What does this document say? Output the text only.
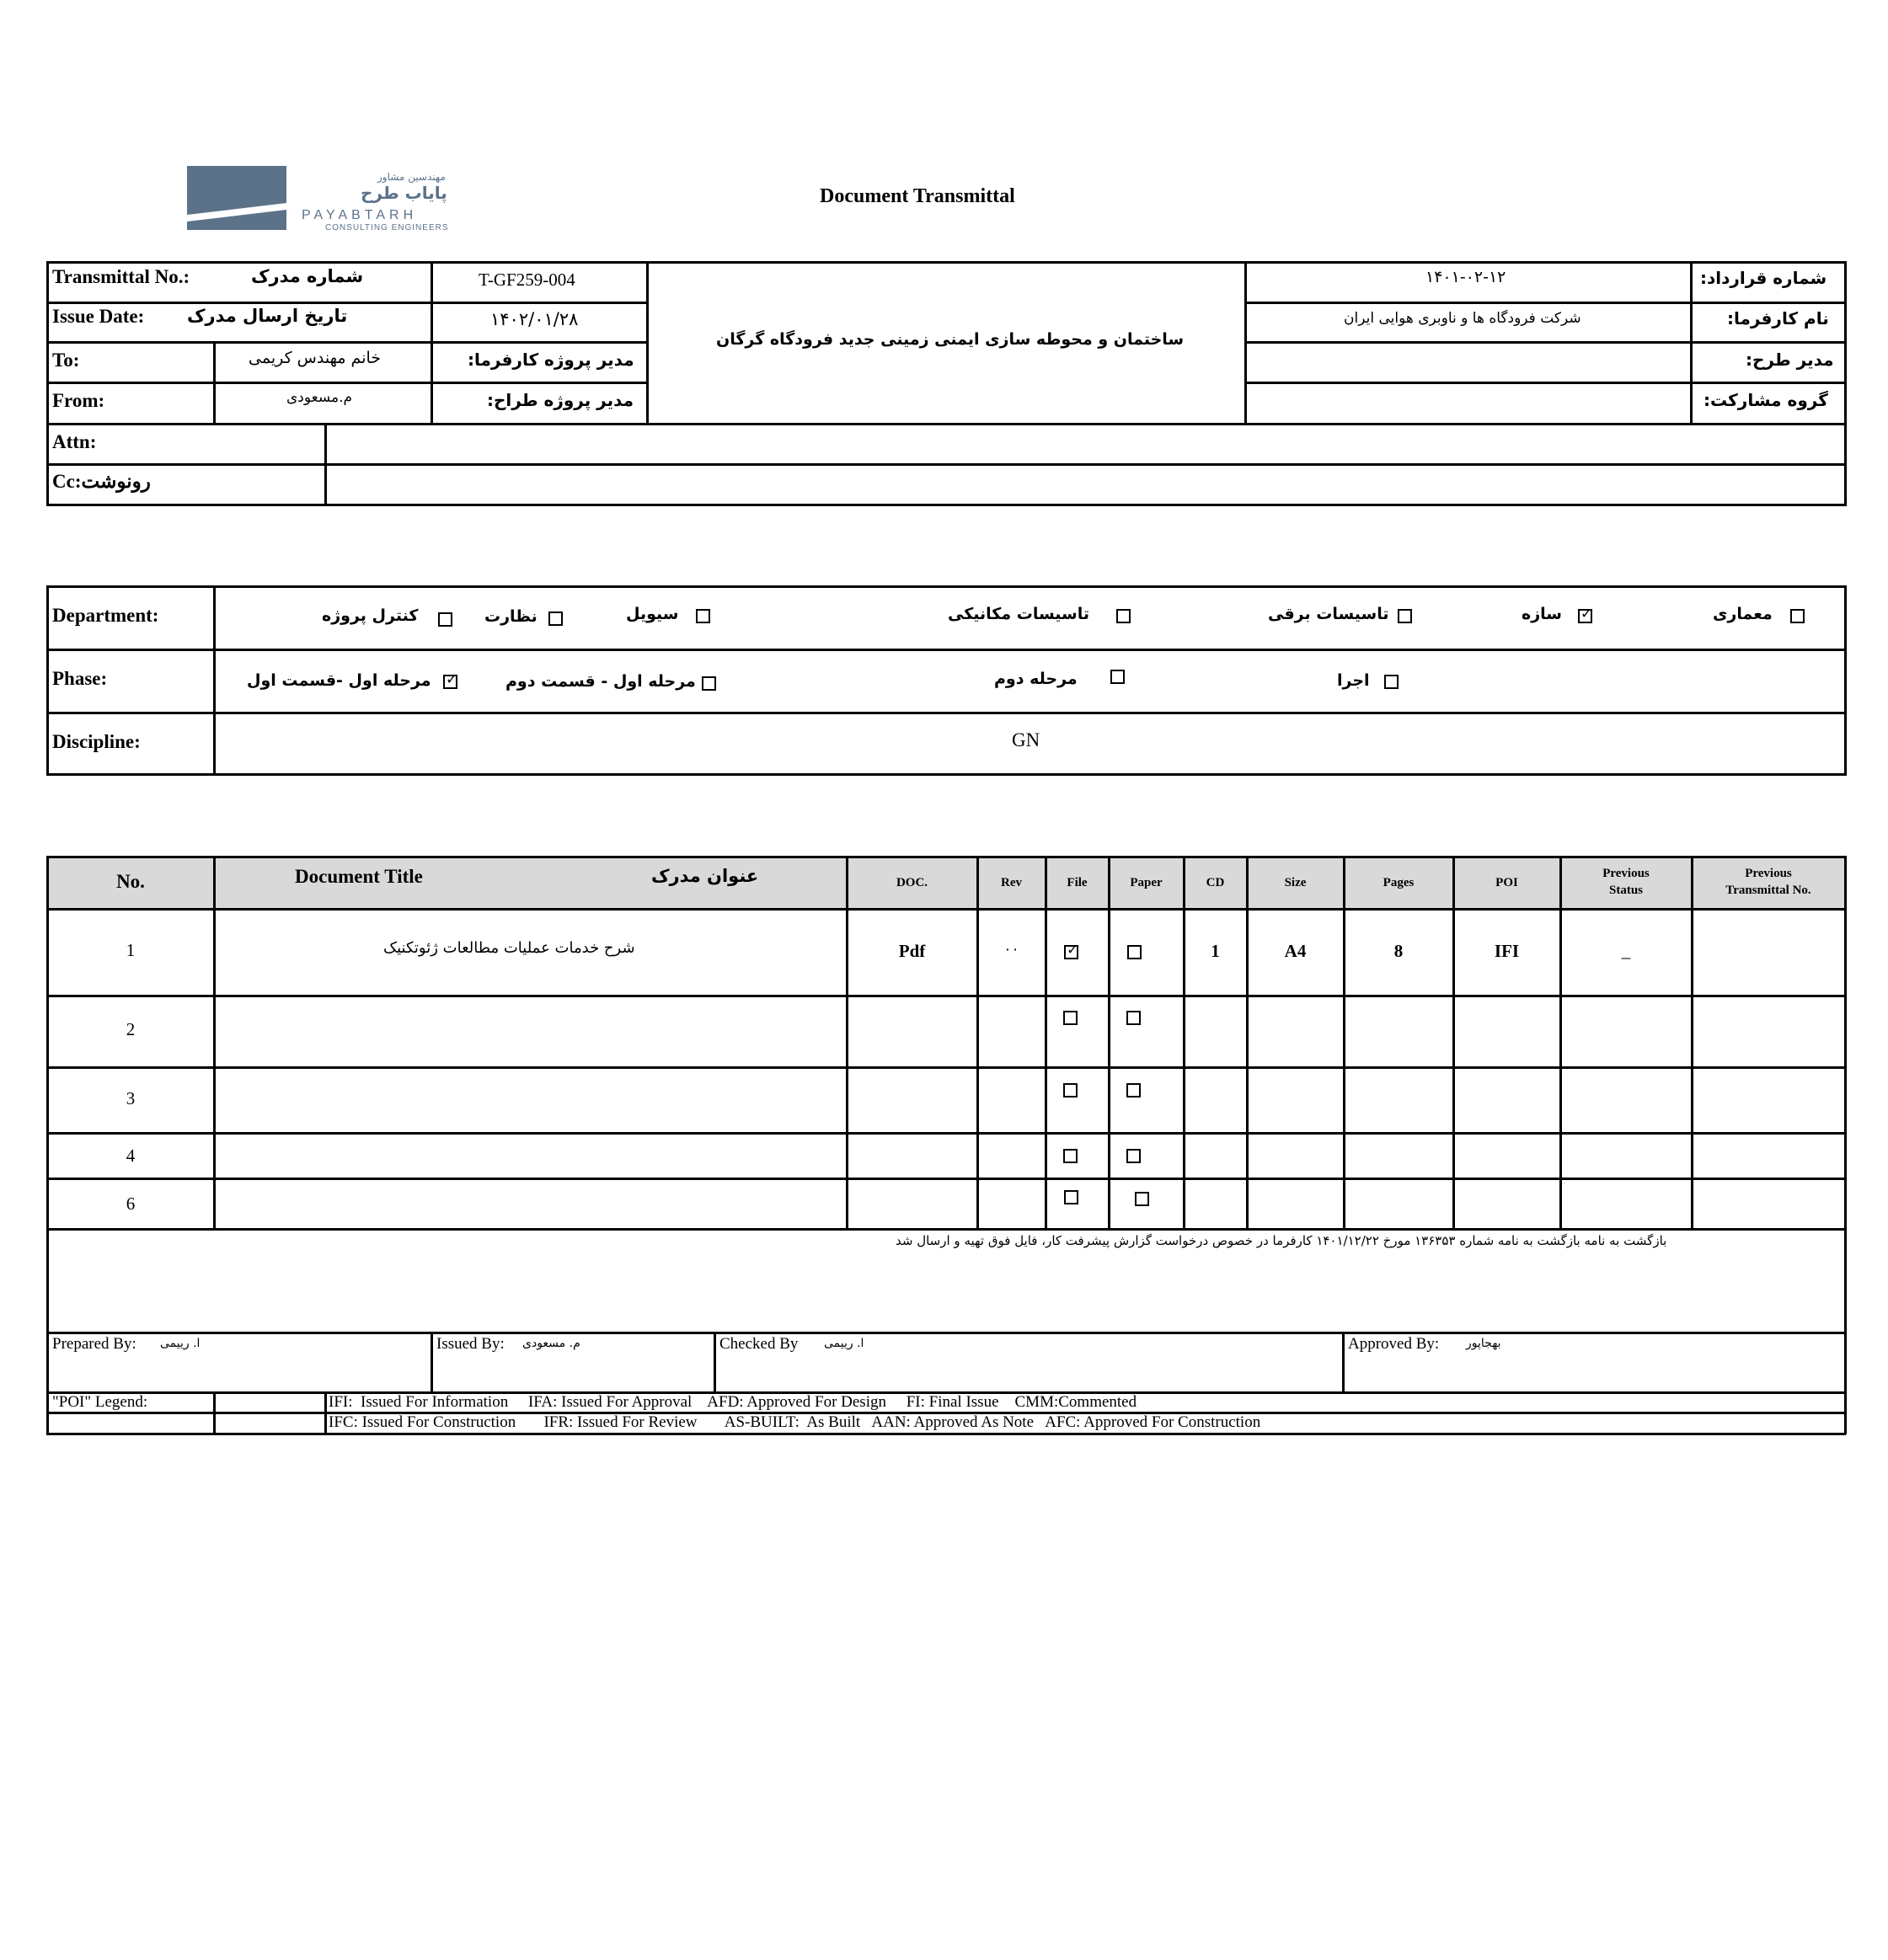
مهندسین مشاور
پایاب طرح
PAYABTARH
CONSULTING ENGINEERS
Document Transmittal
Transmittal No.:	شماره مدرک	T-GF259-004
Issue Date: تاریخ ارسال مدرک	۱۴۰۲/۰۱/۲۸
To:	خانم مهندس کریمی	مدیر پروژه کارفرما:
From:	م.مسعودی	مدیر پروژه طراح:
ساختمان و محوطه سازی ایمنی زمینی جدید فرودگاه گرگان
۱۴۰۱-۰۲-۱۲	شماره قرارداد:
شرکت فرودگاه ها و ناوبری هوایی ایران	نام کارفرما:
مدیر طرح:
گروه مشارکت:
Attn:
Cc:رونوشت
Department:
Phase:
Discipline:	GN
معماری
✓
سازه
تاسیسات برقی
تاسیسات مکانیکی
سیویل
نظارت
کنترل پروژه
اجرا
مرحله دوم
مرحله اول - قسمت دوم
✓
مرحله اول -قسمت اول
No.	Document Title	عنوان مدرک	DOC.	Rev	File	Paper	CD	Size	Pages	POI
Previous
Status
Previous
Transmittal No.
1	شرح خدمات عملیات مطالعات ژئوتکنیک	Pdf	۰۰
✓	1	A4	8	IFI	_
2
3
4
6
بازگشت به نامه بازگشت به نامه شماره ۱۳۶۳۵۳ مورخ ۱۴۰۱/۱۲/۲۲ کارفرما در خصوص درخواست گزارش پیشرفت کار، فایل فوق تهیه و ارسال شد
Prepared By: ا. رییمی	Issued By: م. مسعودی	Checked By ا. رییمی	Approved By: بهجاپور
"POI" Legend:	IFI:  Issued For Information     IFA: Issued For Approval    AFD: Approved For Design     FI: Final Issue    CMM:Commented
IFC: Issued For Construction       IFR: Issued For Review       AS-BUILT:  As Built   AAN: Approved As Note   AFC: Approved For Construction
